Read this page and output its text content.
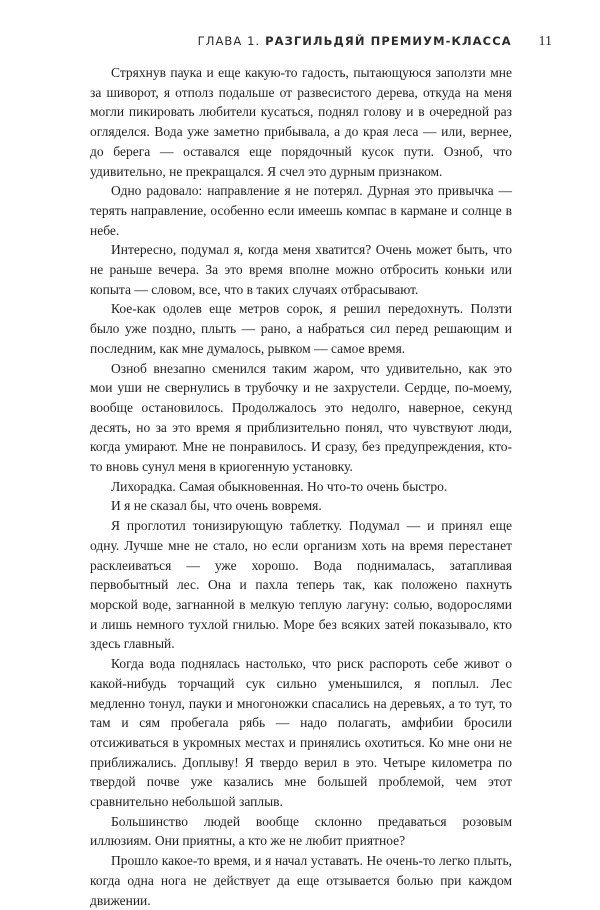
ГЛАВА 1. РАЗГИЛЬДЯЙ ПРЕМИУМ-КЛАССА 11

Стряхнув паука и еще какую-то гадость, пытающуюся заползти мне за шиворот, я отполз подальше от развесистого дерева, откуда на меня могли пикировать любители кусаться, поднял голову и в очередной раз огляделся. Вода уже заметно прибывала, а до края леса — или, вернее, до берега — оставался еще порядочный кусок пути. Озноб, что удивительно, не прекращался. Я счел это дурным признаком.

Одно радовало: направление я не потерял. Дурная это привычка — терять направление, особенно если имеешь компас в кармане и солнце в небе.

Интересно, подумал я, когда меня хватится? Очень может быть, что не раньше вечера. За это время вполне можно отбросить коньки или копыта — словом, все, что в таких случаях отбрасывают.

Кое-как одолев еще метров сорок, я решил передохнуть. Ползти было уже поздно, плыть — рано, а набраться сил перед решающим и последним, как мне думалось, рывком — самое время.

Озноб внезапно сменился таким жаром, что удивительно, как это мои уши не свернулись в трубочку и не захрустели. Сердце, по-моему, вообще остановилось. Продолжалось это недолго, наверное, секунд десять, но за это время я приблизительно понял, что чувствуют люди, когда умирают. Мне не понравилось. И сразу, без предупреждения, кто-то вновь сунул меня в криогенную установку.

Лихорадка. Самая обыкновенная. Но что-то очень быстро.

И я не сказал бы, что очень вовремя.

Я проглотил тонизирующую таблетку. Подумал — и принял еще одну. Лучше мне не стало, но если организм хоть на время перестанет расклеиваться — уже хорошо. Вода поднималась, затапливая первобытный лес. Она и пахла теперь так, как положено пахнуть морской воде, загнанной в мелкую теплую лагуну: солью, водорослями и лишь немного тухлой гнилью. Море без всяких затей показывало, кто здесь главный.

Когда вода поднялась настолько, что риск распороть себе живот о какой-нибудь торчащий сук сильно уменьшился, я поплыл. Лес медленно тонул, пауки и многоножки спасались на деревьях, а то тут, то там и сям пробегала рябь — надо полагать, амфибии бросили отсиживаться в укромных местах и принялись охотиться. Ко мне они не приближались. Доплыву! Я твердо верил в это. Четыре километра по твердой почве уже казались мне большей проблемой, чем этот сравнительно небольшой заплыв.

Большинство людей вообще склонно предаваться розовым иллюзиям. Они приятны, а кто же не любит приятное?

Прошло какое-то время, и я начал уставать. Не очень-то легко плыть, когда одна нога не действует да еще отзывается болью при каждом движении.
